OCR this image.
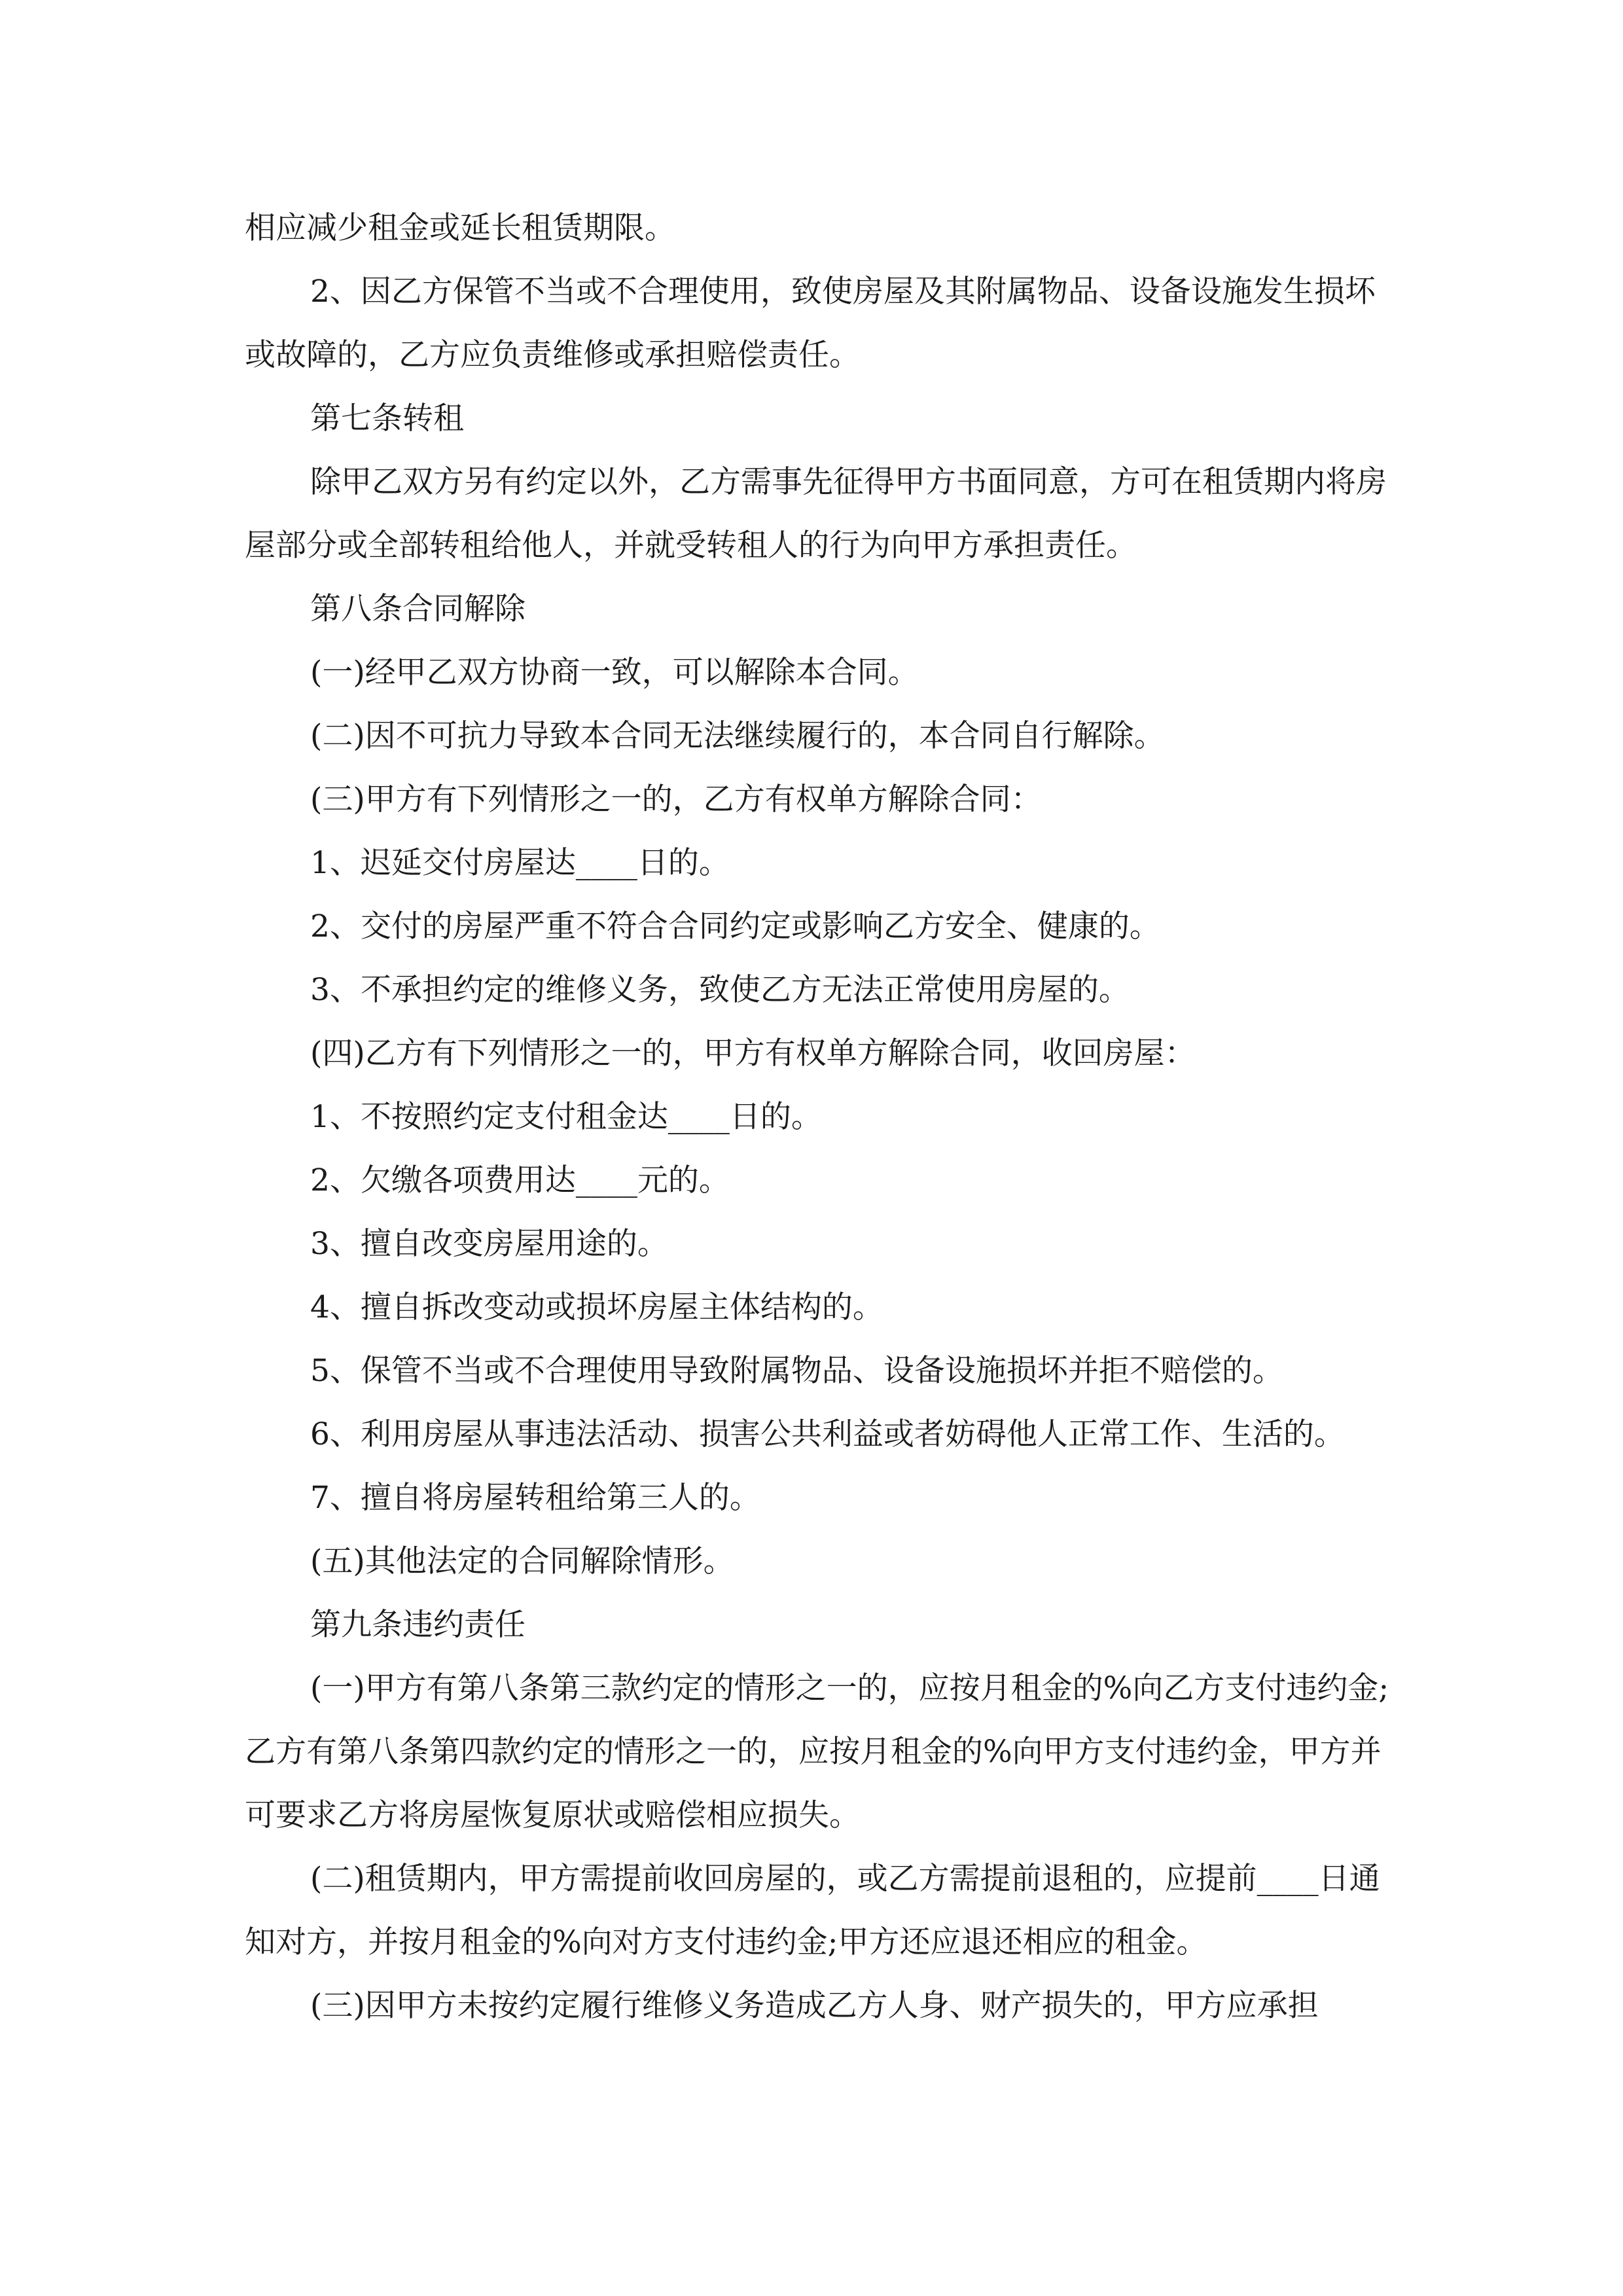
相应减少租金或延长租赁期限。

2、因乙方保管不当或不合理使用，致使房屋及其附属物品、设备设施发生损坏或故障的，乙方应负责维修或承担赔偿责任。

第七条转租

除甲乙双方另有约定以外，乙方需事先征得甲方书面同意，方可在租赁期内将房屋部分或全部转租给他人，并就受转租人的行为向甲方承担责任。

第八条合同解除

(一)经甲乙双方协商一致，可以解除本合同。

(二)因不可抗力导致本合同无法继续履行的，本合同自行解除。

(三)甲方有下列情形之一的，乙方有权单方解除合同：

1、迟延交付房屋达____日的。

2、交付的房屋严重不符合合同约定或影响乙方安全、健康的。

3、不承担约定的维修义务，致使乙方无法正常使用房屋的。

(四)乙方有下列情形之一的，甲方有权单方解除合同，收回房屋：

1、不按照约定支付租金达____日的。

2、欠缴各项费用达____元的。

3、擅自改变房屋用途的。

4、擅自拆改变动或损坏房屋主体结构的。

5、保管不当或不合理使用导致附属物品、设备设施损坏并拒不赔偿的。

6、利用房屋从事违法活动、损害公共利益或者妨碍他人正常工作、生活的。

7、擅自将房屋转租给第三人的。

(五)其他法定的合同解除情形。

第九条违约责任

(一)甲方有第八条第三款约定的情形之一的，应按月租金的%向乙方支付违约金;乙方有第八条第四款约定的情形之一的，应按月租金的%向甲方支付违约金，甲方并可要求乙方将房屋恢复原状或赔偿相应损失。

(二)租赁期内，甲方需提前收回房屋的，或乙方需提前退租的，应提前____日通知对方，并按月租金的%向对方支付违约金;甲方还应退还相应的租金。

(三)因甲方未按约定履行维修义务造成乙方人身、财产损失的，甲方应承担
